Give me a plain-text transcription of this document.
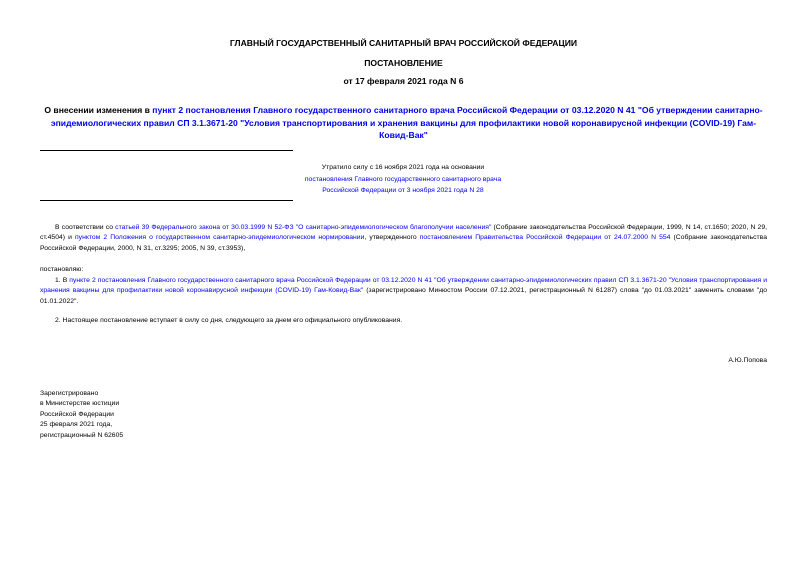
ГЛАВНЫЙ ГОСУДАРСТВЕННЫЙ САНИТАРНЫЙ ВРАЧ РОССИЙСКОЙ ФЕДЕРАЦИИ
ПОСТАНОВЛЕНИЕ
от 17 февраля 2021 года N 6
О внесении изменения в пункт 2 постановления Главного государственного санитарного врача Российской Федерации от 03.12.2020 N 41 "Об утверждении санитарно-эпидемиологических правил СП 3.1.3671-20 "Условия транспортирования и хранения вакцины для профилактики новой коронавирусной инфекции (COVID-19) Гам-Ковид-Вак"
Утратило силу с 16 ноября 2021 года на основании
постановления Главного государственного санитарного врача
Российской Федерации от 3 ноября 2021 года N 28
В соответствии со статьей 39 Федерального закона от 30.03.1999 N 52-ФЗ "О санитарно-эпидемиологическом благополучии населения" (Собрание законодательства Российской Федерации, 1999, N 14, ст.1650; 2020, N 29, ст.4504) и пунктом 2 Положения о государственном санитарно-эпидемиологическом нормировании, утвержденного постановлением Правительства Российской Федерации от 24.07.2000 N 554 (Собрание законодательства Российской Федерации, 2000, N 31, ст.3295; 2005, N 39, ст.3953),
постановляю:
1. В пункте 2 постановления Главного государственного санитарного врача Российской Федерации от 03.12.2020 N 41 "Об утверждении санитарно-эпидемиологических правил СП 3.1.3671-20 "Условия транспортирования и хранения вакцины для профилактики новой коронавирусной инфекции (COVID-19) Гам-Ковид-Вак" (зарегистрировано Минюстом России 07.12.2021, регистрационный N 61287) слова "до 01.03.2021" заменить словами "до 01.01.2022".
2. Настоящее постановление вступает в силу со дня, следующего за днем его официального опубликования.
А.Ю.Попова
Зарегистрировано
в Министерстве юстиции
Российской Федерации
25 февраля 2021 года,
регистрационный N 62605
